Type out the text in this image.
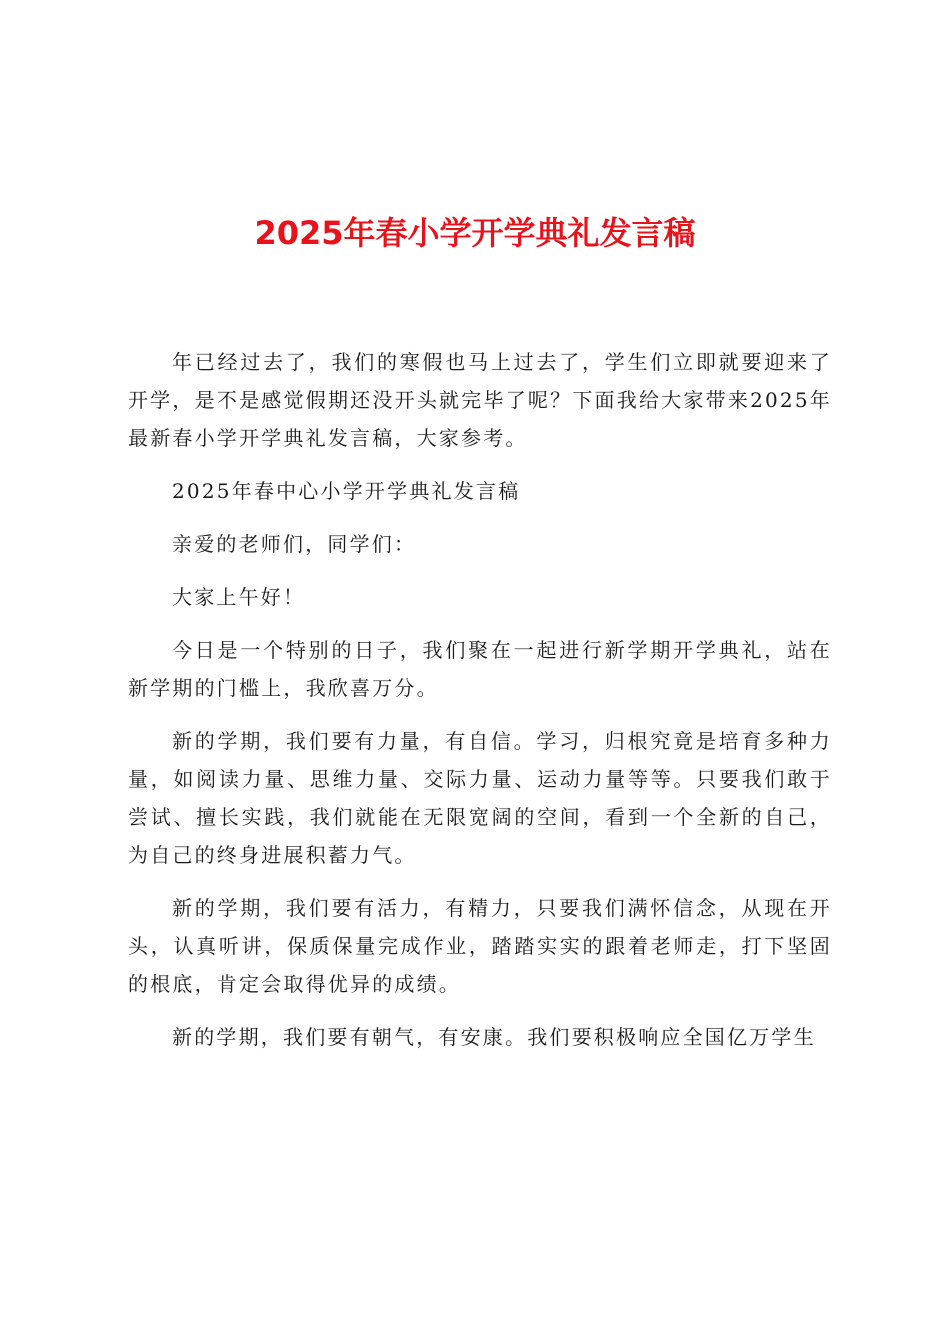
2025年春小学开学典礼发言稿

年已经过去了，我们的寒假也马上过去了，学生们立即就要迎来了开学，是不是感觉假期还没开头就完毕了呢？下面我给大家带来2025年最新春小学开学典礼发言稿，大家参考。

2025年春中心小学开学典礼发言稿

亲爱的老师们，同学们：

大家上午好！

今日是一个特别的日子，我们聚在一起进行新学期开学典礼，站在新学期的门槛上，我欣喜万分。

新的学期，我们要有力量，有自信。学习，归根究竟是培育多种力量，如阅读力量、思维力量、交际力量、运动力量等等。只要我们敢于尝试、擅长实践，我们就能在无限宽阔的空间，看到一个全新的自己，为自己的终身进展积蓄力气。

新的学期，我们要有活力，有精力，只要我们满怀信念，从现在开头，认真听讲，保质保量完成作业，踏踏实实的跟着老师走，打下坚固的根底，肯定会取得优异的成绩。

新的学期，我们要有朝气，有安康。我们要积极响应全国亿万学生
